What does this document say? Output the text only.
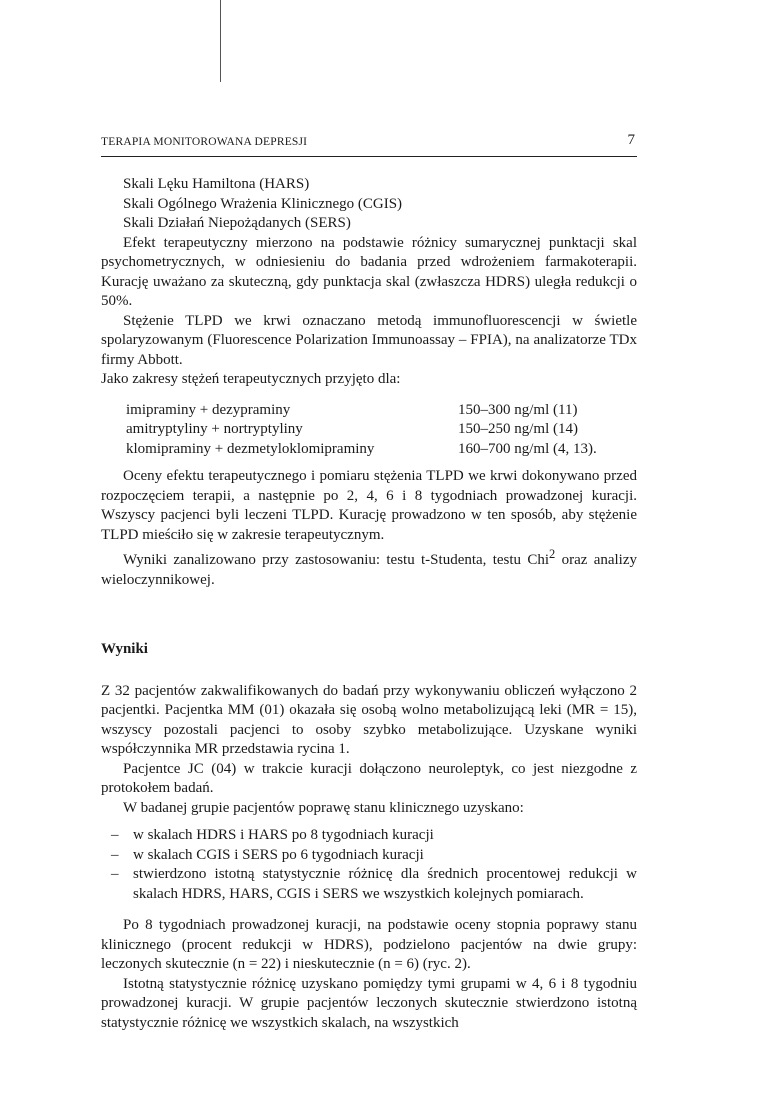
TERAPIA MONITOROWANA DEPRESJI	7

Skali Lęku Hamiltona (HARS)

Skali Ogólnego Wrażenia Klinicznego (CGIS)

Skali Działań Niepożądanych (SERS)

Efekt terapeutyczny mierzono na podstawie różnicy sumarycznej punktacji skal psychometrycznych, w odniesieniu do badania przed wdrożeniem farmakoterapii. Kurację uważano za skuteczną, gdy punktacja skal (zwłaszcza HDRS) uległa redukcji o 50%.

Stężenie TLPD we krwi oznaczano metodą immunofluorescencji w świetle spolaryzowanym (Fluorescence Polarization Immunoassay – FPIA), na analizatorze TDx firmy Abbott.

Jako zakresy stężeń terapeutycznych przyjęto dla:

imipraminy + dezypraminy	150–300 ng/ml (11)
amitryptyliny + nortryptyliny	150–250 ng/ml (14)
klomipraminy + dezmetyloklomipraminy	160–700 ng/ml (4, 13).

Oceny efektu terapeutycznego i pomiaru stężenia TLPD we krwi dokonywano przed rozpoczęciem terapii, a następnie po 2, 4, 6 i 8 tygodniach prowadzonej kuracji. Wszyscy pacjenci byli leczeni TLPD. Kurację prowadzono w ten sposób, aby stężenie TLPD mieściło się w zakresie terapeutycznym.

Wyniki zanalizowano przy zastosowaniu: testu t-Studenta, testu Chi$^2$ oraz analizy wieloczynnikowej.

Wyniki

Z 32 pacjentów zakwalifikowanych do badań przy wykonywaniu obliczeń wyłączono 2 pacjentki. Pacjentka MM (01) okazała się osobą wolno metabolizującą leki (MR = 15), wszyscy pozostali pacjenci to osoby szybko metabolizujące. Uzyskane wyniki współczynnika MR przedstawia rycina 1.

Pacjentce JC (04) w trakcie kuracji dołączono neuroleptyk, co jest niezgodne z protokołem badań.

W badanej grupie pacjentów poprawę stanu klinicznego uzyskano:

– w skalach HDRS i HARS po 8 tygodniach kuracji
– w skalach CGIS i SERS po 6 tygodniach kuracji
– stwierdzono istotną statystycznie różnicę dla średnich procentowej redukcji w skalach HDRS, HARS, CGIS i SERS we wszystkich kolejnych pomiarach.

Po 8 tygodniach prowadzonej kuracji, na podstawie oceny stopnia poprawy stanu klinicznego (procent redukcji w HDRS), podzielono pacjentów na dwie grupy: leczonych skutecznie (n = 22) i nieskutecznie (n = 6) (ryc. 2).

Istotną statystycznie różnicę uzyskano pomiędzy tymi grupami w 4, 6 i 8 tygodniu prowadzonej kuracji. W grupie pacjentów leczonych skutecznie stwierdzono istotną statystycznie różnicę we wszystkich skalach, na wszystkich
